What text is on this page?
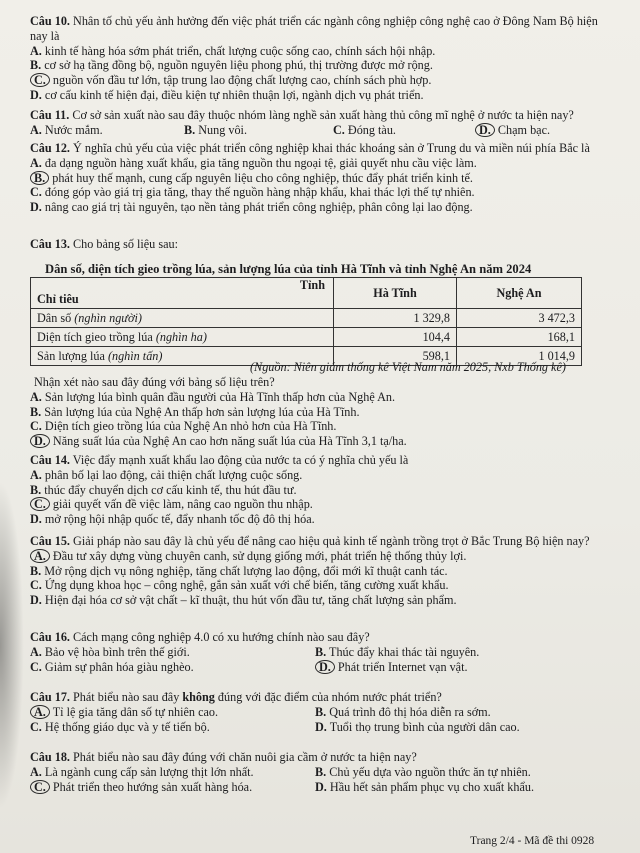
Câu 10. Nhân tố chủ yếu ảnh hưởng đến việc phát triển các ngành công nghiệp công nghệ cao ở Đông Nam Bộ hiện nay là

A. kinh tế hàng hóa sớm phát triển, chất lượng cuộc sống cao, chính sách hội nhập.
B. cơ sở hạ tầng đồng bộ, nguồn nguyên liệu phong phú, thị trường được mở rộng.
C. nguồn vốn đầu tư lớn, tập trung lao động chất lượng cao, chính sách phù hợp.
D. cơ cấu kinh tế hiện đại, điều kiện tự nhiên thuận lợi, ngành dịch vụ phát triển.

Câu 11. Cơ sở sản xuất nào sau đây thuộc nhóm làng nghề sản xuất hàng thủ công mĩ nghệ ở nước ta hiện nay?

A. Nước mắm.	B. Nung vôi.	C. Đóng tàu.	D. Chạm bạc.

Câu 12. Ý nghĩa chủ yếu của việc phát triển công nghiệp khai thác khoáng sản ở Trung du và miền núi phía Bắc là

A. đa dạng nguồn hàng xuất khẩu, gia tăng nguồn thu ngoại tệ, giải quyết nhu cầu việc làm.
B. phát huy thế mạnh, cung cấp nguyên liệu cho công nghiệp, thúc đẩy phát triển kinh tế.
C. đóng góp vào giá trị gia tăng, thay thế nguồn hàng nhập khẩu, khai thác lợi thế tự nhiên.
D. nâng cao giá trị tài nguyên, tạo nền tảng phát triển công nghiệp, phân công lại lao động.

Câu 13. Cho bảng số liệu sau:

Dân số, diện tích gieo trồng lúa, sản lượng lúa của tỉnh Hà Tĩnh và tỉnh Nghệ An năm 2024
Tỉnh
Chỉ tiêu	Hà Tĩnh	Nghệ An
Dân số (nghìn người)	1 329,8	3 472,3
Diện tích gieo trồng lúa (nghìn ha)	104,4	168,1
Sản lượng lúa (nghìn tấn)	598,1	1 014,9
(Nguồn: Niên giám thống kê Việt Nam năm 2025, Nxb Thống kê)

Nhận xét nào sau đây đúng với bảng số liệu trên?

A. Sản lượng lúa bình quân đầu người của Hà Tĩnh thấp hơn của Nghệ An.
B. Sản lượng lúa của Nghệ An thấp hơn sản lượng lúa của Hà Tĩnh.
C. Diện tích gieo trồng lúa của Nghệ An nhỏ hơn của Hà Tĩnh.
D. Năng suất lúa của Nghệ An cao hơn năng suất lúa của Hà Tĩnh 3,1 tạ/ha.

Câu 14. Việc đẩy mạnh xuất khẩu lao động của nước ta có ý nghĩa chủ yếu là

A. phân bố lại lao động, cải thiện chất lượng cuộc sống.
B. thúc đẩy chuyển dịch cơ cấu kinh tế, thu hút đầu tư.
C. giải quyết vấn đề việc làm, nâng cao nguồn thu nhập.
D. mở rộng hội nhập quốc tế, đẩy nhanh tốc độ đô thị hóa.

Câu 15. Giải pháp nào sau đây là chủ yếu để nâng cao hiệu quả kinh tế ngành trồng trọt ở Bắc Trung Bộ hiện nay?

A. Đầu tư xây dựng vùng chuyên canh, sử dụng giống mới, phát triển hệ thống thủy lợi.
B. Mở rộng dịch vụ nông nghiệp, tăng chất lượng lao động, đổi mới kĩ thuật canh tác.
C. Ứng dụng khoa học – công nghệ, gắn sản xuất với chế biến, tăng cường xuất khẩu.
D. Hiện đại hóa cơ sở vật chất – kĩ thuật, thu hút vốn đầu tư, tăng chất lượng sản phẩm.

Câu 16. Cách mạng công nghiệp 4.0 có xu hướng chính nào sau đây?

A. Bảo vệ hòa bình trên thế giới.	B. Thúc đẩy khai thác tài nguyên.
C. Giảm sự phân hóa giàu nghèo.	D. Phát triển Internet vạn vật.

Câu 17. Phát biểu nào sau đây không đúng với đặc điểm của nhóm nước phát triển?

A. Tỉ lệ gia tăng dân số tự nhiên cao.	B. Quá trình đô thị hóa diễn ra sớm.
C. Hệ thống giáo dục và y tế tiến bộ.	D. Tuổi thọ trung bình của người dân cao.

Câu 18. Phát biểu nào sau đây đúng với chăn nuôi gia cầm ở nước ta hiện nay?

A. Là ngành cung cấp sản lượng thịt lớn nhất.	B. Chủ yếu dựa vào nguồn thức ăn tự nhiên.
C. Phát triển theo hướng sản xuất hàng hóa.	D. Hầu hết sản phẩm phục vụ cho xuất khẩu.
Trang 2/4 - Mã đề thi 0928
